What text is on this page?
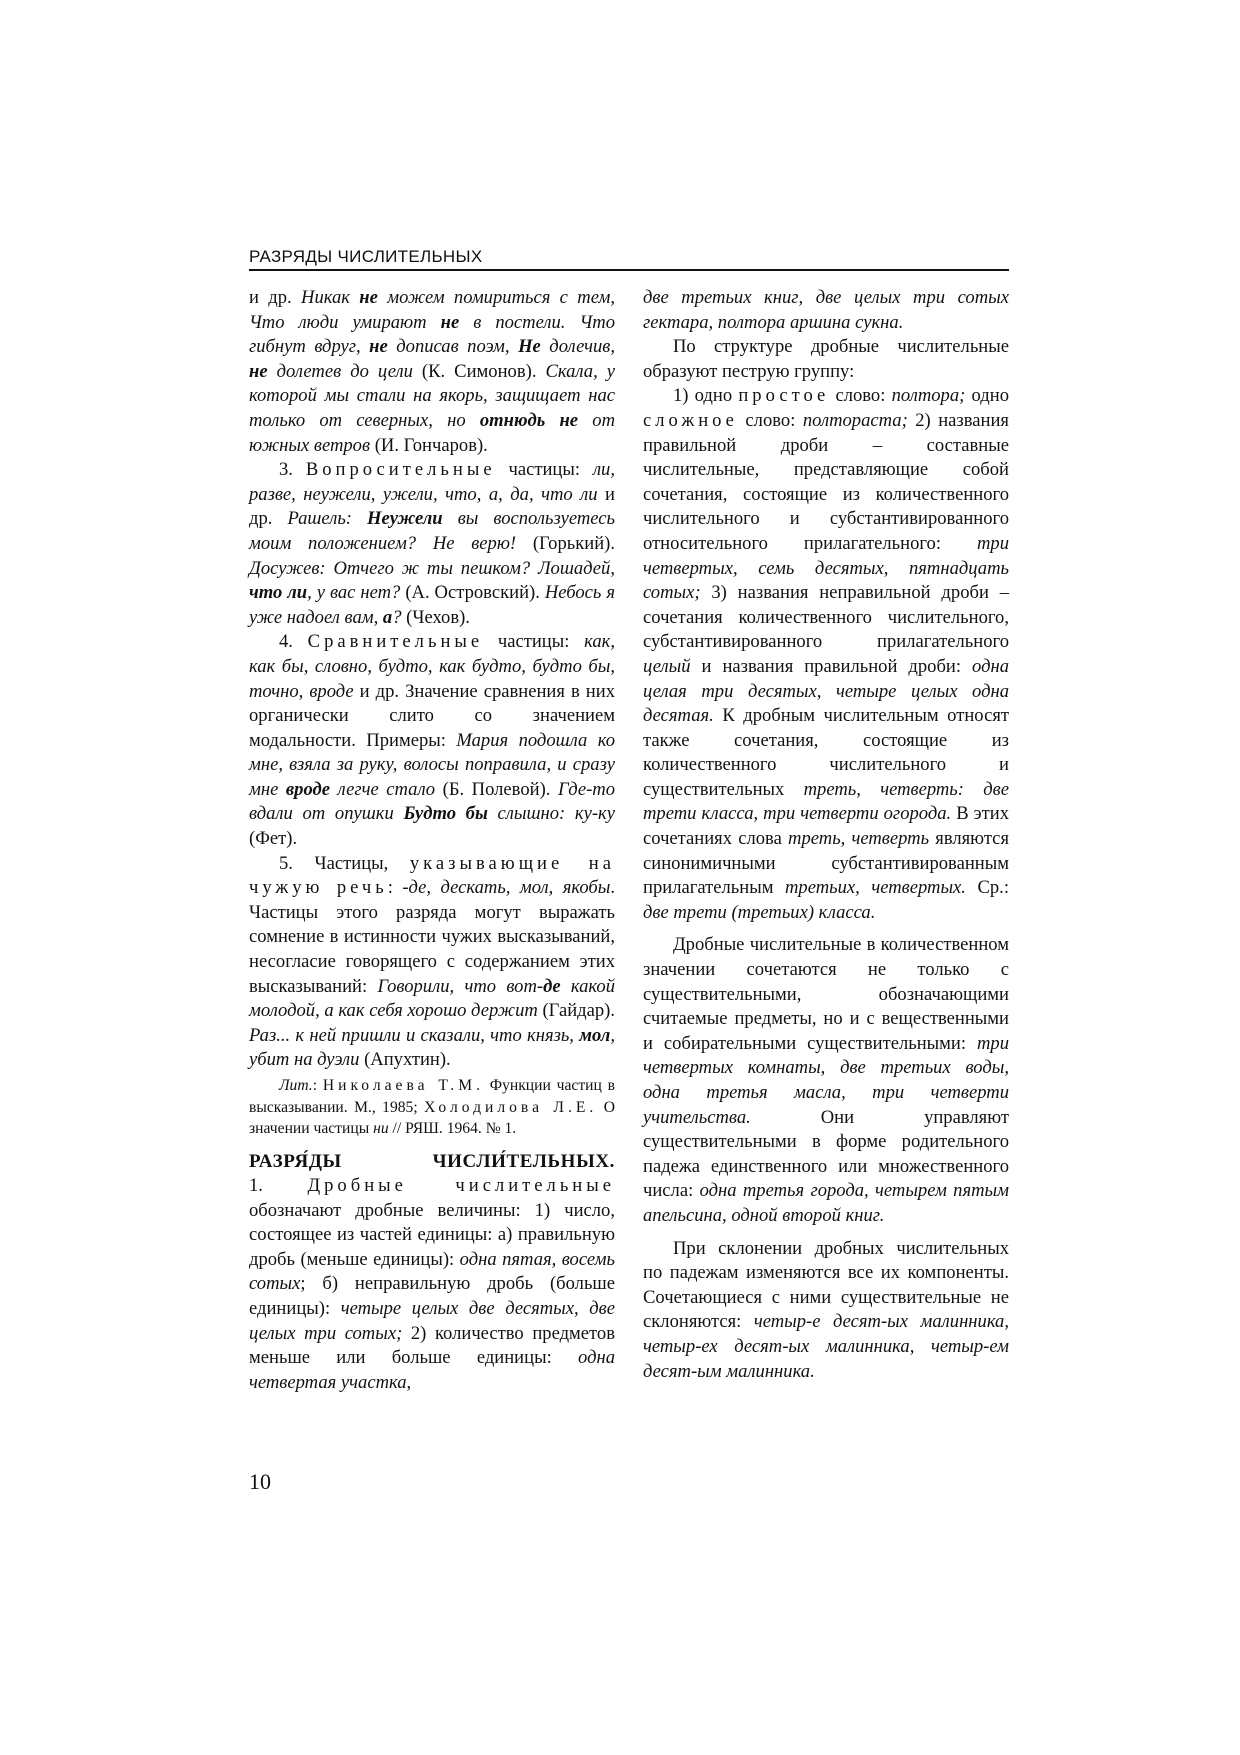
РАЗРЯДЫ ЧИСЛИТЕЛЬНЫХ

и др. Никак не можем помириться с тем, Что люди умирают не в постели. Что гибнут вдруг, не дописав поэм, Не долечив, не долетев до цели (К. Симонов). Скала, у которой мы стали на якорь, защищает нас только от северных, но отнюдь не от южных ветров (И. Гончаров).

3. Вопросительные частицы: ли, разве, неужели, ужели, что, а, да, что ли и др. Рашель: Неужели вы воспользуетесь моим положением? Не верю! (Горький). Досужев: Отчего ж ты пешком? Лошадей, что ли, у вас нет? (А. Островский). Небось я уже надоел вам, а? (Чехов).

4. Сравнительные частицы: как, как бы, словно, будто, как будто, будто бы, точно, вроде и др. Значение сравнения в них органически слито со значением модальности. Примеры: Мария подошла ко мне, взяла за руку, волосы поправила, и сразу мне вроде легче стало (Б. Полевой). Где-то вдали от опушки Будто бы слышно: ку-ку (Фет).

5. Частицы, указывающие на чужую речь: -де, дескать, мол, якобы. Частицы этого разряда могут выражать сомнение в истинности чужих высказываний, несогласие говорящего с содержанием этих высказываний: Говорили, что вот-де какой молодой, а как себя хорошо держит (Гайдар). Раз... к ней пришли и сказали, что князь, мол, убит на дуэли (Апухтин).

Лит.: Николаева Т.М. Функции частиц в высказывании. М., 1985; Холодилова Л.Е. О значении частицы ни // РЯШ. 1964. № 1.

РАЗРЯ́ДЫ ЧИСЛИ́ТЕЛЬНЫХ.

1. Дробные числительные обозначают дробные величины: 1) число, состоящее из частей единицы: а) правильную дробь (меньше единицы): одна пятая, восемь сотых; б) неправильную дробь (больше единицы): четыре целых две десятых, две целых три сотых; 2) количество предметов меньше или больше единицы: одна четвертая участка,

две третьих книг, две целых три сотых гектара, полтора аршина сукна.

По структуре дробные числительные образуют пеструю группу:

1) одно простое слово: полтора; одно сложное слово: полтораста; 2) названия правильной дроби – составные числительные, представляющие собой сочетания, состоящие из количественного числительного и субстантивированного относительного прилагательного: три четвертых, семь десятых, пятнадцать сотых; 3) названия неправильной дроби – сочетания количественного числительного, субстантивированного прилагательного целый и названия правильной дроби: одна целая три десятых, четыре целых одна десятая. К дробным числительным относят также сочетания, состоящие из количественного числительного и существительных треть, четверть: две трети класса, три четверти огорода. В этих сочетаниях слова треть, четверть являются синонимичными субстантивированным прилагательным третьих, четвертых. Ср.: две трети (третьих) класса.

Дробные числительные в количественном значении сочетаются не только с существительными, обозначающими считаемые предметы, но и с вещественными и собирательными существительными: три четвертых комнаты, две третьих воды, одна третья масла, три четверти учительства. Они управляют существительными в форме родительного падежа единственного или множественного числа: одна третья города, четырем пятым апельсина, одной второй книг.

При склонении дробных числительных по падежам изменяются все их компоненты. Сочетающиеся с ними существительные не склоняются: четыр-е десят-ых малинника, четыр-ех десят-ых малинника, четыр-ем десят-ым малинника.

10
